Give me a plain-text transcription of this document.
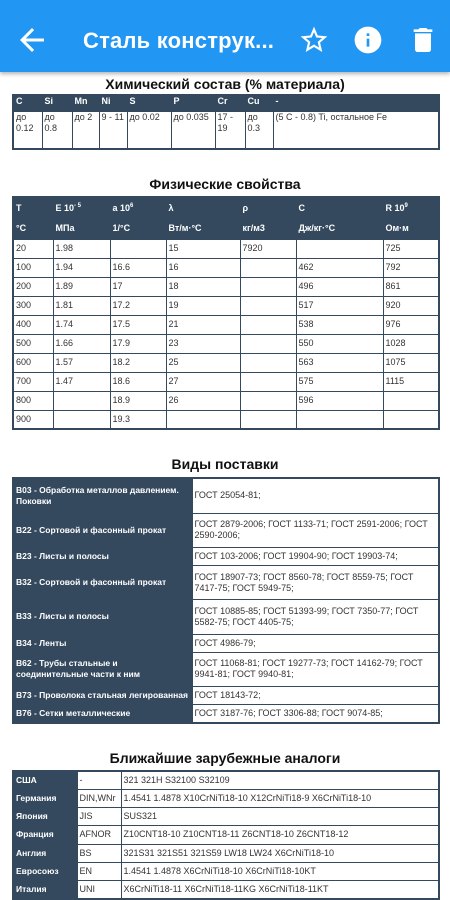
Сталь конструк...
Химический состав (% материала)
C	Si	Mn	Ni	S	P	Cr	Cu	-
до 0.12	до 0.8	до 2	9 - 11	до 0.02	до 0.035	17 - 19	до 0.3	(5 C - 0.8) Ti, остальное Fe
Физические свойства
T	E $10^{- 5}$	a $10^6$	λ	ρ	C	R $10^9$
°C	МПа	1/°С	Вт/м·°С	кг/м3	Дж/кг·°С	Ом·м
20	1.98		15	7920		725
100	1.94	16.6	16		462	792
200	1.89	17	18		496	861
300	1.81	17.2	19		517	920
400	1.74	17.5	21		538	976
500	1.66	17.9	23		550	1028
600	1.57	18.2	25		563	1075
700	1.47	18.6	27		575	1115
800		18.9	26		596	
900		19.3				
Виды поставки
В03 - Обработка металлов давлением. Поковки	ГОСТ 25054-81;
В22 - Сортовой и фасонный прокат	ГОСТ 2879-2006; ГОСТ 1133-71; ГОСТ 2591-2006; ГОСТ 2590-2006;
В23 - Листы и полосы	ГОСТ 103-2006; ГОСТ 19904-90; ГОСТ 19903-74;
В32 - Сортовой и фасонный прокат	ГОСТ 18907-73; ГОСТ 8560-78; ГОСТ 8559-75; ГОСТ 7417-75; ГОСТ 5949-75;
В33 - Листы и полосы	ГОСТ 10885-85; ГОСТ 51393-99; ГОСТ 7350-77; ГОСТ 5582-75; ГОСТ 4405-75;
В34 - Ленты	ГОСТ 4986-79;
В62 - Трубы стальные и соединительные части к ним	ГОСТ 11068-81; ГОСТ 19277-73; ГОСТ 14162-79; ГОСТ 9941-81; ГОСТ 9940-81;
В73 - Проволока стальная легированная	ГОСТ 18143-72;
В76 - Сетки металлические	ГОСТ 3187-76; ГОСТ 3306-88; ГОСТ 9074-85;
Ближайшие зарубежные аналоги
США	-	321 321H S32100 S32109
Германия	DIN,WNr	1.4541 1.4878 X10CrNiTi18-10 X12CrNiTi18-9 X6CrNiTi18-10
Япония	JIS	SUS321
Франция	AFNOR	Z10CNT18-10 Z10CNT18-11 Z6CNT18-10 Z6CNT18-12
Англия	BS	321S31 321S51 321S59 LW18 LW24 X6CrNiTi18-10
Евросоюз	EN	1.4541 1.4878 X6CrNiTi18-10 X6CrNiTi18-10KT
Италия	UNI	X6CrNiTi18-11 X6CrNiTi18-11KG X6CrNiTi18-11KT
